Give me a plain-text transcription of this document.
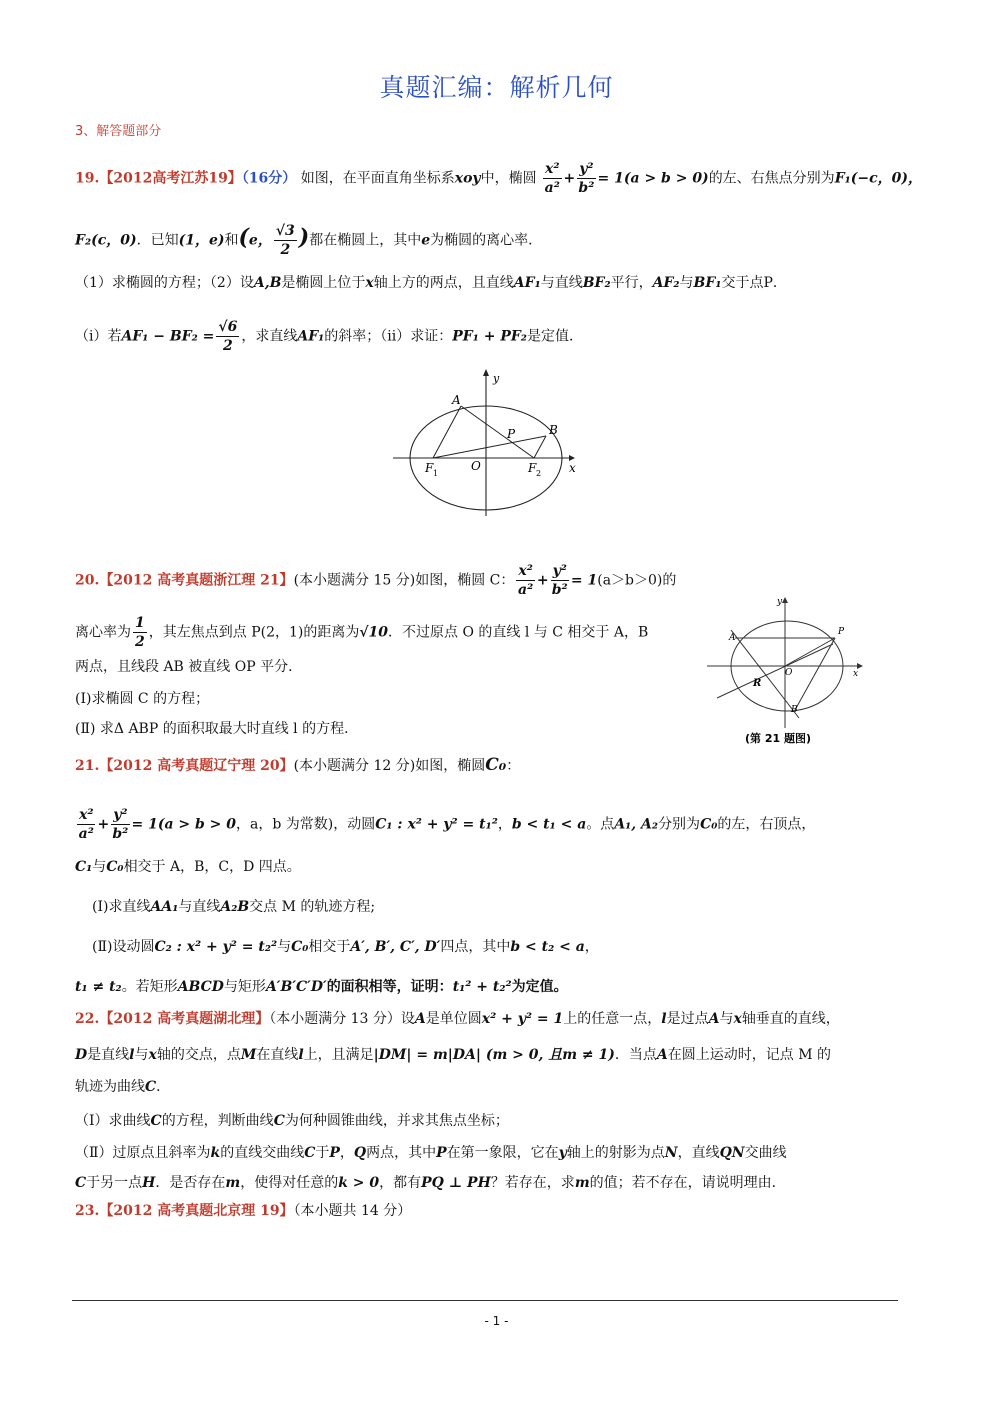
真题汇编：解析几何
3、解答题部分
19.【2012高考江苏19】（16分） 如图，在平面直角坐标系xoy中，椭圆 $\frac{\text{x²}}{\text{a²}} + \frac{\text{y²}}{\text{b²}} = 1(a > b > 0)$的左、右焦点分别为F₁(−c，0)，
F₂(c，0)．已知(1，e)和(e， $\frac{√3}{2}$ )都在椭圆上，其中e为椭圆的离心率．
（1）求椭圆的方程；（2）设A,B是椭圆上位于x轴上方的两点，且直线AF₁与直线BF₂平行，AF₂与BF₁交于点P．
（i）若$AF_1 - BF_2 = \frac{√6}{2}$ ，求直线AF₁的斜率；（ii）求证：PF₁ + PF₂是定值．
y
A
P	B
F 1
O	F 2 x
20.【2012 高考真题浙江理 21】(本小题满分 15 分)如图，椭圆 C： $\frac{\text{x²}}{\text{a²}} + \frac{\text{y²}}{\text{b²}} = 1(a>b>0)$的
离心率为 $\frac{1}{2}$ ，其左焦点到点 P(2，1)的距离为√10．不过原点 O 的直线 l 与 C 相交于 A，B
两点，且线段 AB 被直线 OP 平分．
(Ⅰ)求椭圆 C 的方程；
(Ⅱ) 求Δ ABP 的面积取最大时直线 l 的方程．
y
A
P
O	x
R
B
(第 21 题图)
21.【2012 高考真题辽宁理 20】(本小题满分 12 分)如图，椭圆C₀：
$\frac{\text{x²}}{\text{a²}} + \frac{\text{y²}}{\text{b²}} = 1(a > b > 0$，a，b 为常数)，动圆C₁ : x² + y² = t₁²，b < t₁ < a。点A₁, A₂分别为C₀的左，右顶点，
C₁与C₀相交于 A，B，C，D 四点。
(Ⅰ)求直线AA₁与直线A₂B交点 M 的轨迹方程;
(Ⅱ)设动圆C₂ : x² + y² = t₂²与C₀相交于A′, B′, C′, D′四点，其中b < t₂ < a，
t₁ ≠ t₂。若矩形ABCD与矩形A′B′C′D′的面积相等，证明：t₁² + t₂²为定值。
22.【2012 高考真题湖北理】（本小题满分 13 分）设A是单位圆x² + y² = 1上的任意一点，l是过点A与x轴垂直的直线，
D是直线l与x轴的交点，点M在直线l上，且满足|DM| = m|DA| (m > 0, 且m ≠ 1)．当点A在圆上运动时，记点 M 的
轨迹为曲线C．
（Ⅰ）求曲线C的方程，判断曲线C为何种圆锥曲线，并求其焦点坐标；
（Ⅱ）过原点且斜率为k的直线交曲线C于P，Q两点，其中P在第一象限，它在y轴上的射影为点N，直线QN交曲线
C于另一点H．是否存在m，使得对任意的k > 0，都有PQ ⊥ PH？若存在，求m的值；若不存在，请说明理由．
23.【2012 高考真题北京理 19】（本小题共 14 分）
- 1 -
